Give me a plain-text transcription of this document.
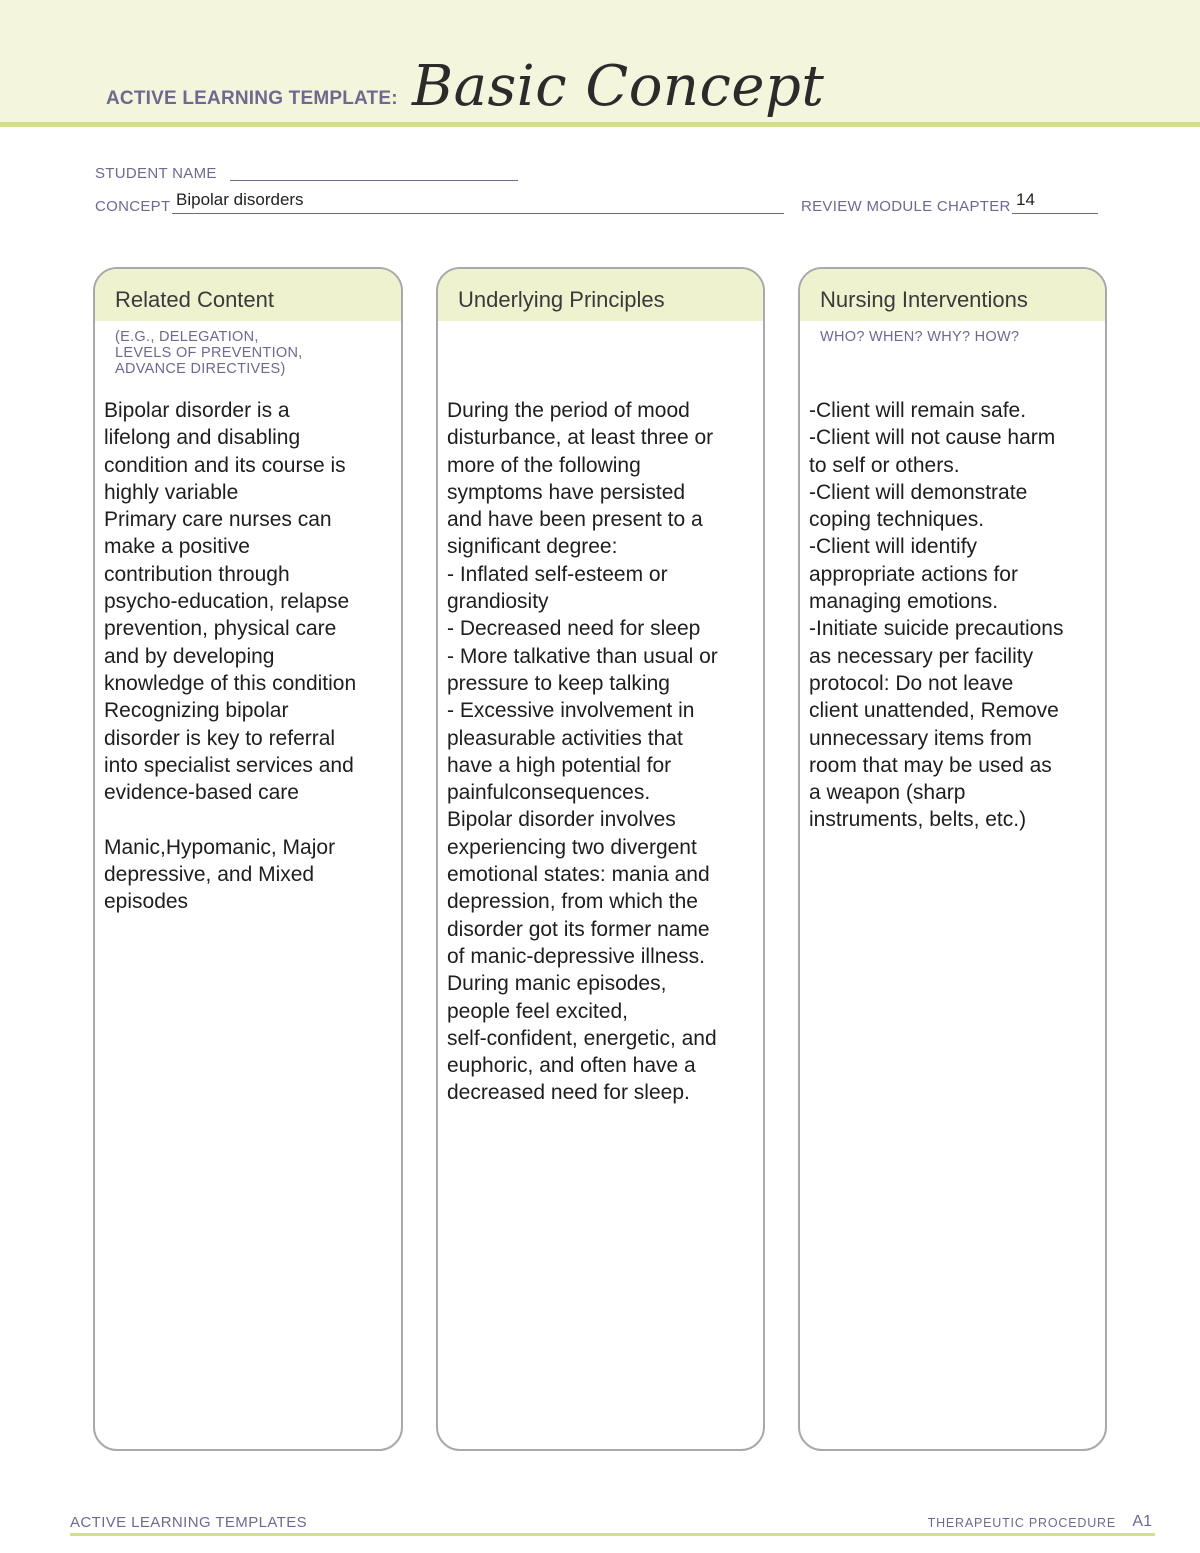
ACTIVE LEARNING TEMPLATE: Basic Concept
STUDENT NAME
CONCEPT Bipolar disorders	REVIEW MODULE CHAPTER 14
Related Content
(E.G., DELEGATION,
LEVELS OF PREVENTION,
ADVANCE DIRECTIVES)
Bipolar disorder is a
lifelong and disabling
condition and its course is
highly variable
Primary care nurses can
make a positive
contribution through
psycho-education, relapse
prevention, physical care
and by developing
knowledge of this condition
Recognizing bipolar
disorder is key to referral
into specialist services and
evidence-based care

Manic,Hypomanic, Major
depressive, and Mixed
episodes
Underlying Principles
During the period of mood
disturbance, at least three or
more of the following
symptoms have persisted
and have been present to a
significant degree:
- Inflated self-esteem or
grandiosity
- Decreased need for sleep
- More talkative than usual or
pressure to keep talking
- Excessive involvement in
pleasurable activities that
have a high potential for
painfulconsequences.
Bipolar disorder involves
experiencing two divergent
emotional states: mania and
depression, from which the
disorder got its former name
of manic-depressive illness.
During manic episodes,
people feel excited,
self-confident, energetic, and
euphoric, and often have a
decreased need for sleep.
Nursing Interventions
WHO? WHEN? WHY? HOW?
-Client will remain safe.
-Client will not cause harm
to self or others.
-Client will demonstrate
coping techniques.
-Client will identify
appropriate actions for
managing emotions.
-Initiate suicide precautions
as necessary per facility
protocol: Do not leave
client unattended, Remove
unnecessary items from
room that may be used as
a weapon (sharp
instruments, belts, etc.)
ACTIVE LEARNING TEMPLATES	THERAPEUTIC PROCEDURE A1
